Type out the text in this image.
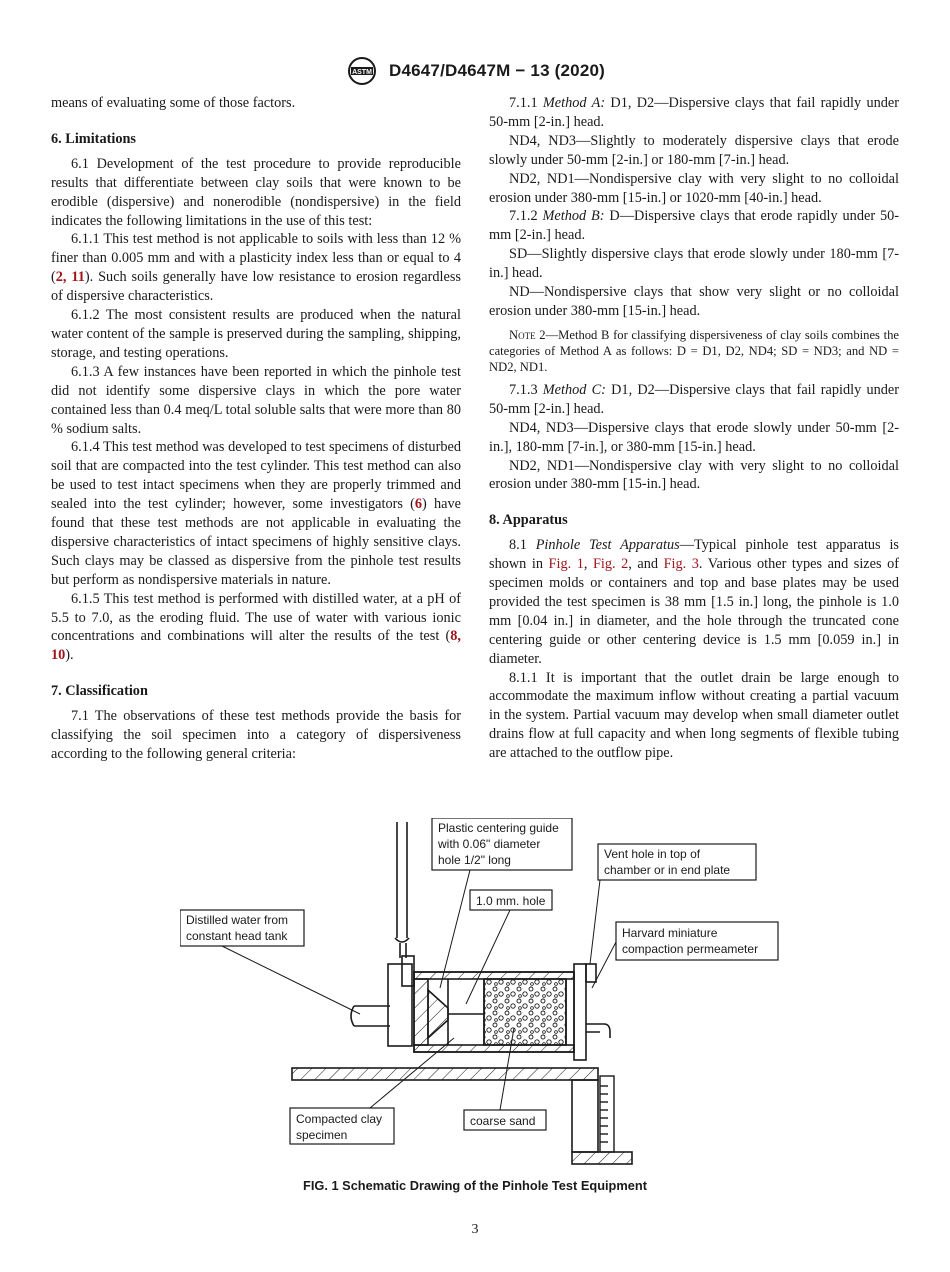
ASTM D4647/D4647M − 13 (2020)

means of evaluating some of those factors.

6. Limitations

6.1 Development of the test procedure to provide reproducible results that differentiate between clay soils that were known to be erodible (dispersive) and nonerodible (nondispersive) in the field indicates the following limitations in the use of this test:

6.1.1 This test method is not applicable to soils with less than 12 % finer than 0.005 mm and with a plasticity index less than or equal to 4 (2, 11). Such soils generally have low resistance to erosion regardless of dispersive characteristics.

6.1.2 The most consistent results are produced when the natural water content of the sample is preserved during the sampling, shipping, storage, and testing operations.

6.1.3 A few instances have been reported in which the pinhole test did not identify some dispersive clays in which the pore water contained less than 0.4 meq/L total soluble salts that were more than 80 % sodium salts.

6.1.4 This test method was developed to test specimens of disturbed soil that are compacted into the test cylinder. This test method can also be used to test intact specimens when they are properly trimmed and sealed into the test cylinder; however, some investigators (6) have found that these test methods are not applicable in evaluating the dispersive characteristics of intact specimens of highly sensitive clays. Such clays may be classed as dispersive from the pinhole test results but perform as nondispersive materials in nature.

6.1.5 This test method is performed with distilled water, at a pH of 5.5 to 7.0, as the eroding fluid. The use of water with various ionic concentrations and combinations will alter the results of the test (8, 10).

7. Classification

7.1 The observations of these test methods provide the basis for classifying the soil specimen into a category of dispersiveness according to the following general criteria:

7.1.1 Method A: D1, D2—Dispersive clays that fail rapidly under 50-mm [2-in.] head.

ND4, ND3—Slightly to moderately dispersive clays that erode slowly under 50-mm [2-in.] or 180-mm [7-in.] head.

ND2, ND1—Nondispersive clay with very slight to no colloidal erosion under 380-mm [15-in.] or 1020-mm [40-in.] head.

7.1.2 Method B: D—Dispersive clays that erode rapidly under 50-mm [2-in.] head.

SD—Slightly dispersive clays that erode slowly under 180-mm [7-in.] head.

ND—Nondispersive clays that show very slight or no colloidal erosion under 380-mm [15-in.] head.

Note 2—Method B for classifying dispersiveness of clay soils combines the categories of Method A as follows: D = D1, D2, ND4; SD = ND3; and ND = ND2, ND1.

7.1.3 Method C: D1, D2—Dispersive clays that fail rapidly under 50-mm [2-in.] head.

ND4, ND3—Dispersive clays that erode slowly under 50-mm [2-in.], 180-mm [7-in.], or 380-mm [15-in.] head.

ND2, ND1—Nondispersive clay with very slight to no colloidal erosion under 380-mm [15-in.] head.

8. Apparatus

8.1 Pinhole Test Apparatus—Typical pinhole test apparatus is shown in Fig. 1, Fig. 2, and Fig. 3. Various other types and sizes of specimen molds or containers and top and base plates may be used provided the test specimen is 38 mm [1.5 in.] long, the pinhole is 1.0 mm [0.04 in.] in diameter, and the hole through the truncated cone centering guide or other centering device is 1.5 mm [0.059 in.] in diameter.

8.1.1 It is important that the outlet drain be large enough to accommodate the maximum inflow without creating a partial vacuum in the system. Partial vacuum may develop when small diameter outlet drains flow at full capacity and when long segments of flexible tubing are attached to the outflow pipe.

Plastic centering guide
with 0.06" diameter
hole 1/2" long	Vent hole in top of
chamber or in end plate
1.0 mm. hole
Distilled water from
constant head tank	Harvard miniature
compaction permeameter
Compacted clay
specimen
coarse sand
FIG. 1 Schematic Drawing of the Pinhole Test Equipment
3
